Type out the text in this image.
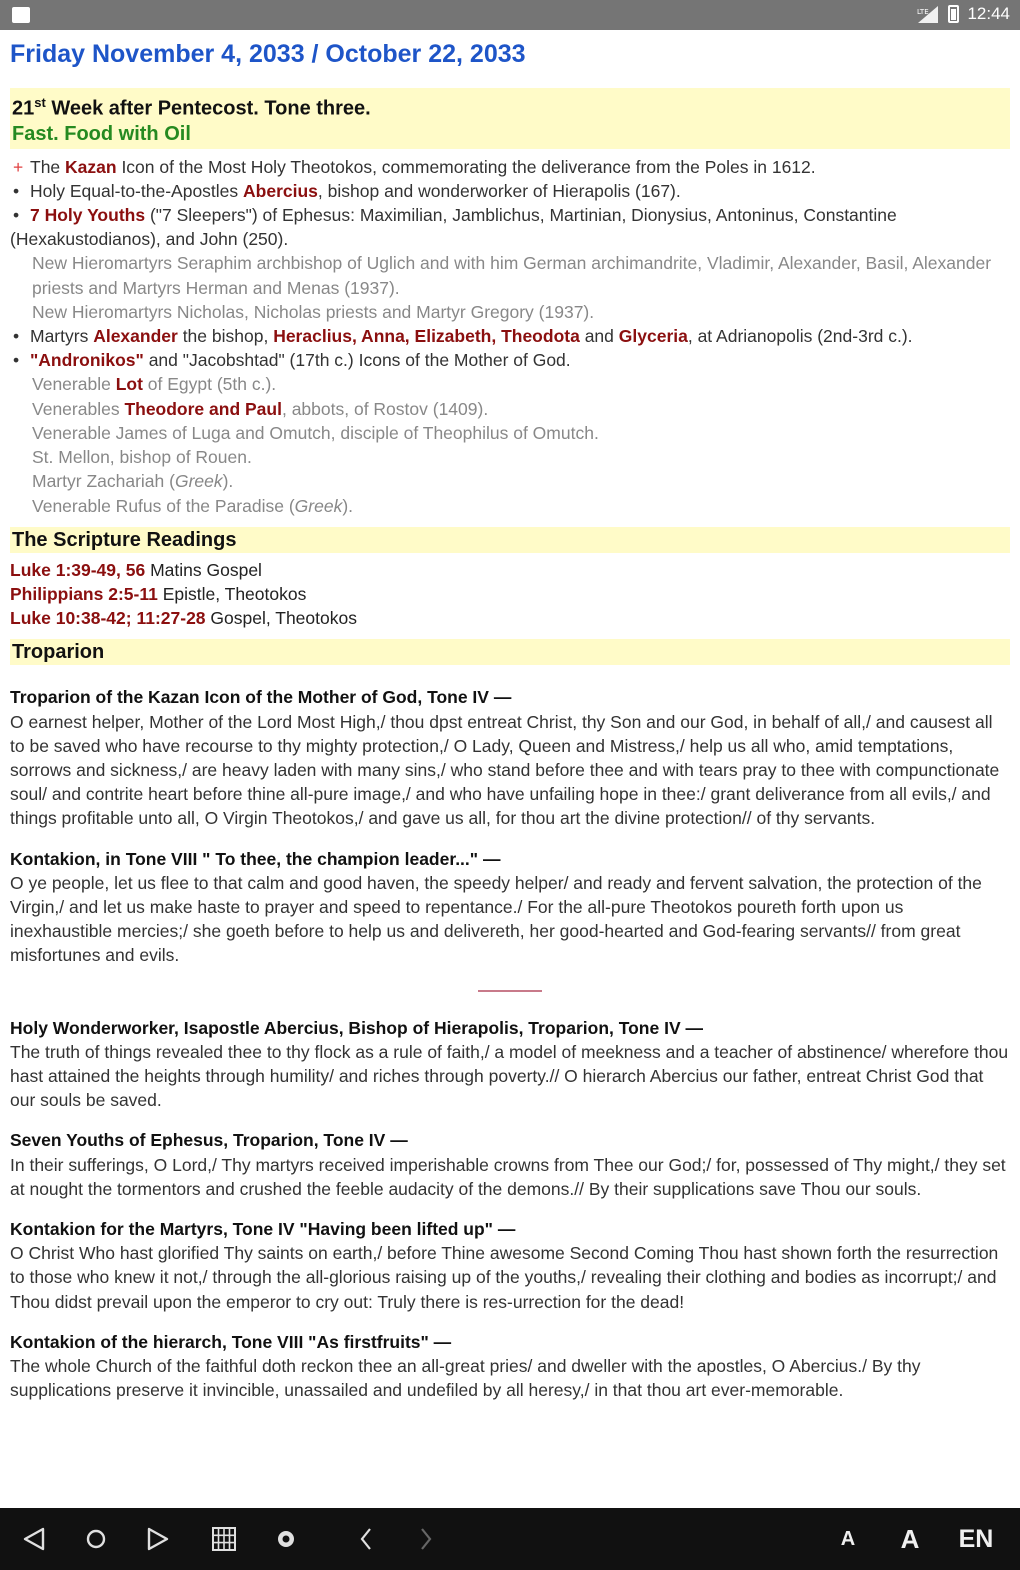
LTE 12:44
Friday November 4, 2033 / October 22, 2033
21st Week after Pentecost. Tone three.
Fast. Food with Oil
+ The Kazan Icon of the Most Holy Theotokos, commemorating the deliverance from the Poles in 1612.
• Holy Equal-to-the-Apostles Abercius, bishop and wonderworker of Hierapolis (167).
• 7 Holy Youths ("7 Sleepers") of Ephesus: Maximilian, Jamblichus, Martinian, Dionysius, Antoninus, Constantine (Hexakustodianos), and John (250).
New Hieromartyrs Seraphim archbishop of Uglich and with him German archimandrite, Vladimir, Alexander, Basil, Alexander priests and Martyrs Herman and Menas (1937).
New Hieromartyrs Nicholas, Nicholas priests and Martyr Gregory (1937).
• Martyrs Alexander the bishop, Heraclius, Anna, Elizabeth, Theodota and Glyceria, at Adrianopolis (2nd-3rd c.).
• "Andronikos" and "Jacobshtad" (17th c.) Icons of the Mother of God.
Venerable Lot of Egypt (5th c.).
Venerables Theodore and Paul, abbots, of Rostov (1409).
Venerable James of Luga and Omutch, disciple of Theophilus of Omutch.
St. Mellon, bishop of Rouen.
Martyr Zachariah (Greek).
Venerable Rufus of the Paradise (Greek).
The Scripture Readings
Luke 1:39-49, 56 Matins Gospel
Philippians 2:5-11 Epistle, Theotokos
Luke 10:38-42; 11:27-28 Gospel, Theotokos
Troparion
Troparion of the Kazan Icon of the Mother of God, Tone IV —
O earnest helper, Mother of the Lord Most High,/ thou dpst entreat Christ, thy Son and our God, in behalf of all,/ and causest all to be saved who have recourse to thy mighty protection,/ O Lady, Queen and Mistress,/ help us all who, amid temptations, sorrows and sickness,/ are heavy laden with many sins,/ who stand before thee and with tears pray to thee with compunctionate soul/ and contrite heart before thine all-pure image,/ and who have unfailing hope in thee:/ grant deliverance from all evils,/ and things profitable unto all, O Virgin Theotokos,/ and gave us all, for thou art the divine protection// of thy servants.
Kontakion, in Tone VIII " To thee, the champion leader..." —
O ye people, let us flee to that calm and good haven, the speedy helper/ and ready and fervent salvation, the protection of the Virgin,/ and let us make haste to prayer and speed to repentance./ For the all-pure Theotokos poureth forth upon us inexhaustible mercies;/ she goeth before to help us and delivereth, her good-hearted and God-fearing servants// from great misfortunes and evils.
Holy Wonderworker, Isapostle Abercius, Bishop of Hierapolis, Troparion, Tone IV —
The truth of things revealed thee to thy flock as a rule of faith,/ a model of meekness and a teacher of abstinence/ wherefore thou hast attained the heights through humility/ and riches through poverty.// O hierarch Abercius our father, entreat Christ God that our souls be saved.
Seven Youths of Ephesus, Troparion, Tone IV —
In their sufferings, O Lord,/ Thy martyrs received imperishable crowns from Thee our God;/ for, possessed of Thy might,/ they set at nought the tormentors and crushed the feeble audacity of the demons.// By their supplications save Thou our souls.
Kontakion for the Martyrs, Tone IV "Having been lifted up" —
O Christ Who hast glorified Thy saints on earth,/ before Thine awesome Second Coming Thou hast shown forth the resurrection to those who knew it not,/ through the all-glorious raising up of the youths,/ revealing their clothing and bodies as incorrupt;/ and Thou didst prevail upon the emperor to cry out: Truly there is res-urrection for the dead!
Kontakion of the hierarch, Tone VIII "As firstfruits" —
The whole Church of the faithful doth reckon thee an all-great pries/ and dweller with the apostles, O Abercius./ By thy supplications preserve it invincible, unassailed and undefiled by all heresy,/ in that thou art ever-memorable.
A	A	EN
